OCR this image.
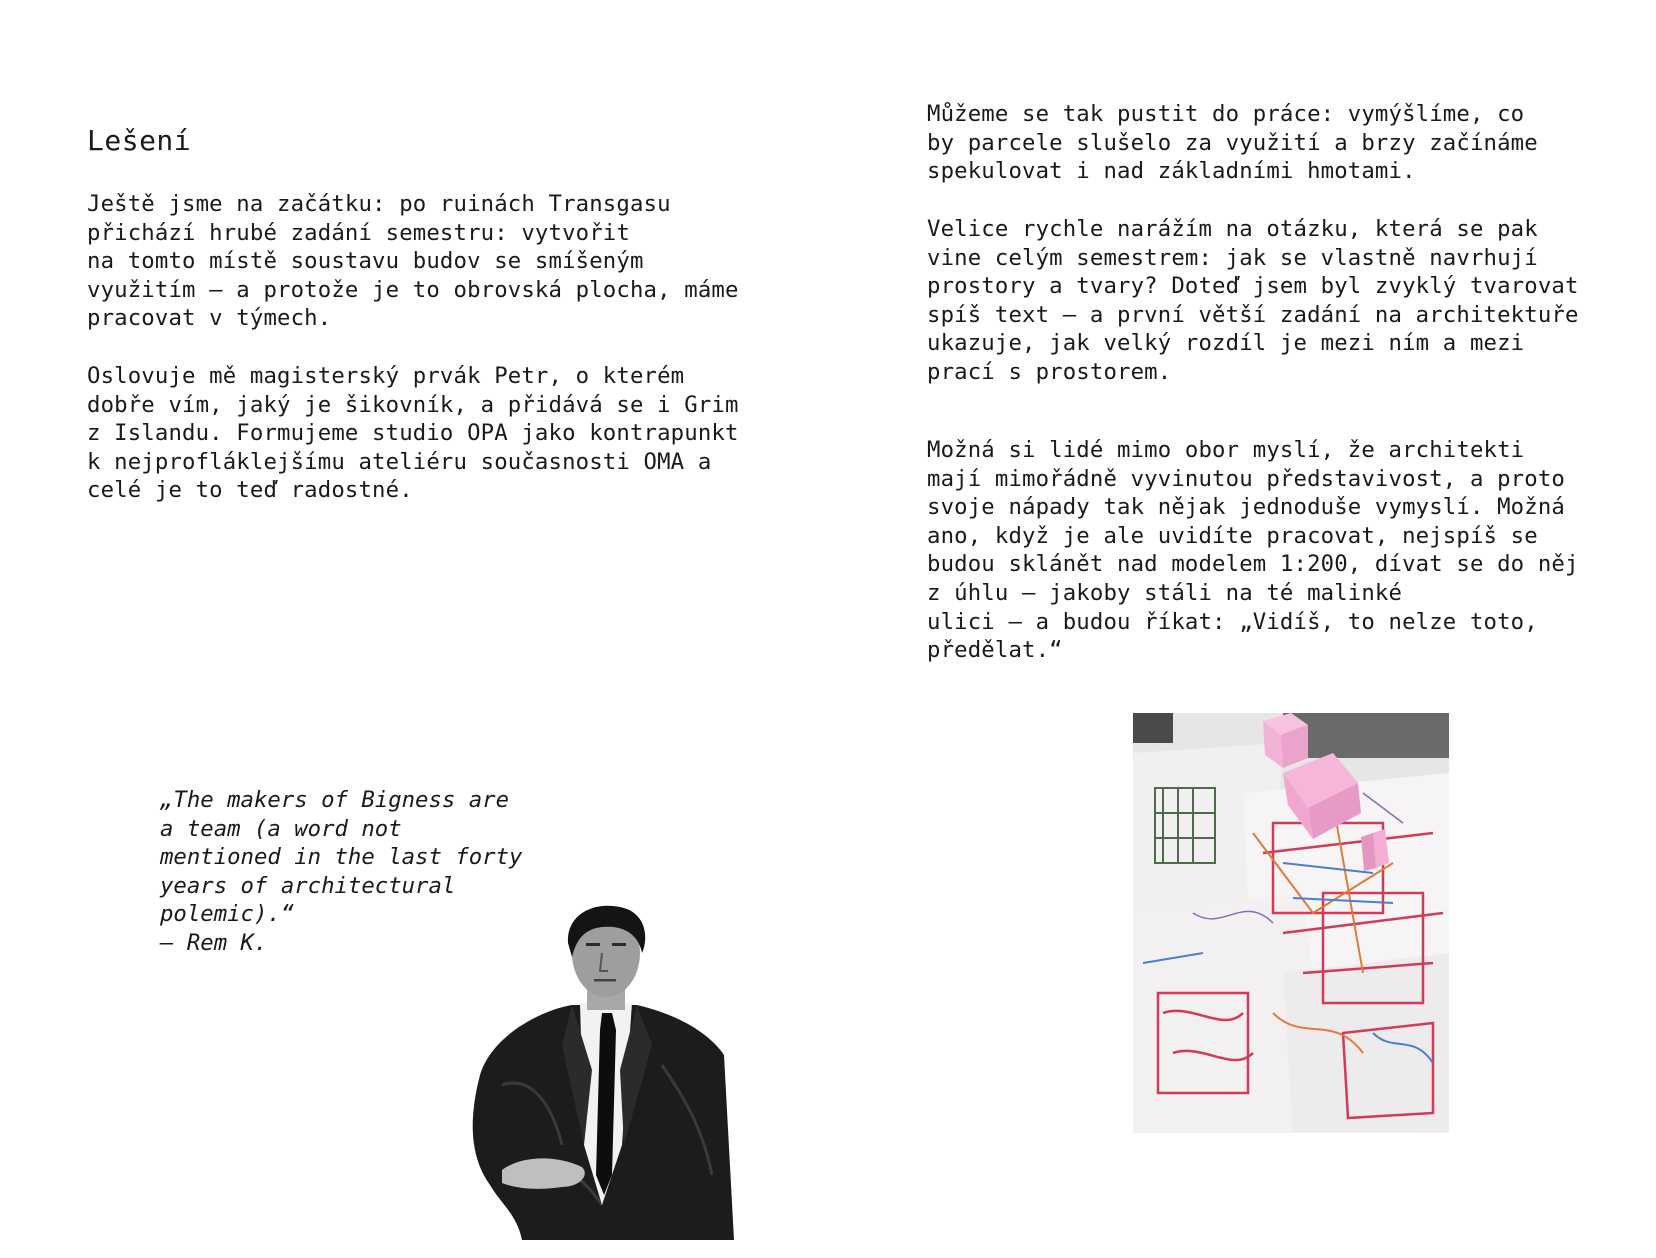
Lešení

Ještě jsme na začátku: po ruinách Transgasu
přichází hrubé zadání semestru: vytvořit
na tomto místě soustavu budov se smíšeným
využitím – a protože je to obrovská plocha, máme
pracovat v týmech.

Oslovuje mě magisterský prvák Petr, o kterém
dobře vím, jaký je šikovník, a přidává se i Grim
z Islandu. Formujeme studio OPA jako kontrapunkt
k nejprofláklejšímu ateliéru současnosti OMA a
celé je to teď radostné.

„The makers of Bigness are
a team (a word not
mentioned in the last forty
years of architectural
polemic).“
– Rem K.

Můžeme se tak pustit do práce: vymýšlíme, co
by parcele slušelo za využití a brzy začínáme
spekulovat i nad základními hmotami.

Velice rychle narážím na otázku, která se pak
vine celým semestrem: jak se vlastně navrhují
prostory a tvary? Doteď jsem byl zvyklý tvarovat
spíš text – a první větší zadání na architektuře
ukazuje, jak velký rozdíl je mezi ním a mezi
prací s prostorem.

Možná si lidé mimo obor myslí, že architekti
mají mimořádně vyvinutou představivost, a proto
svoje nápady tak nějak jednoduše vymyslí. Možná
ano, když je ale uvidíte pracovat, nejspíš se
budou sklánět nad modelem 1:200, dívat se do něj
z úhlu – jakoby stáli na té malinké
ulici – a budou říkat: „Vidíš, to nelze toto,
předělat.“
